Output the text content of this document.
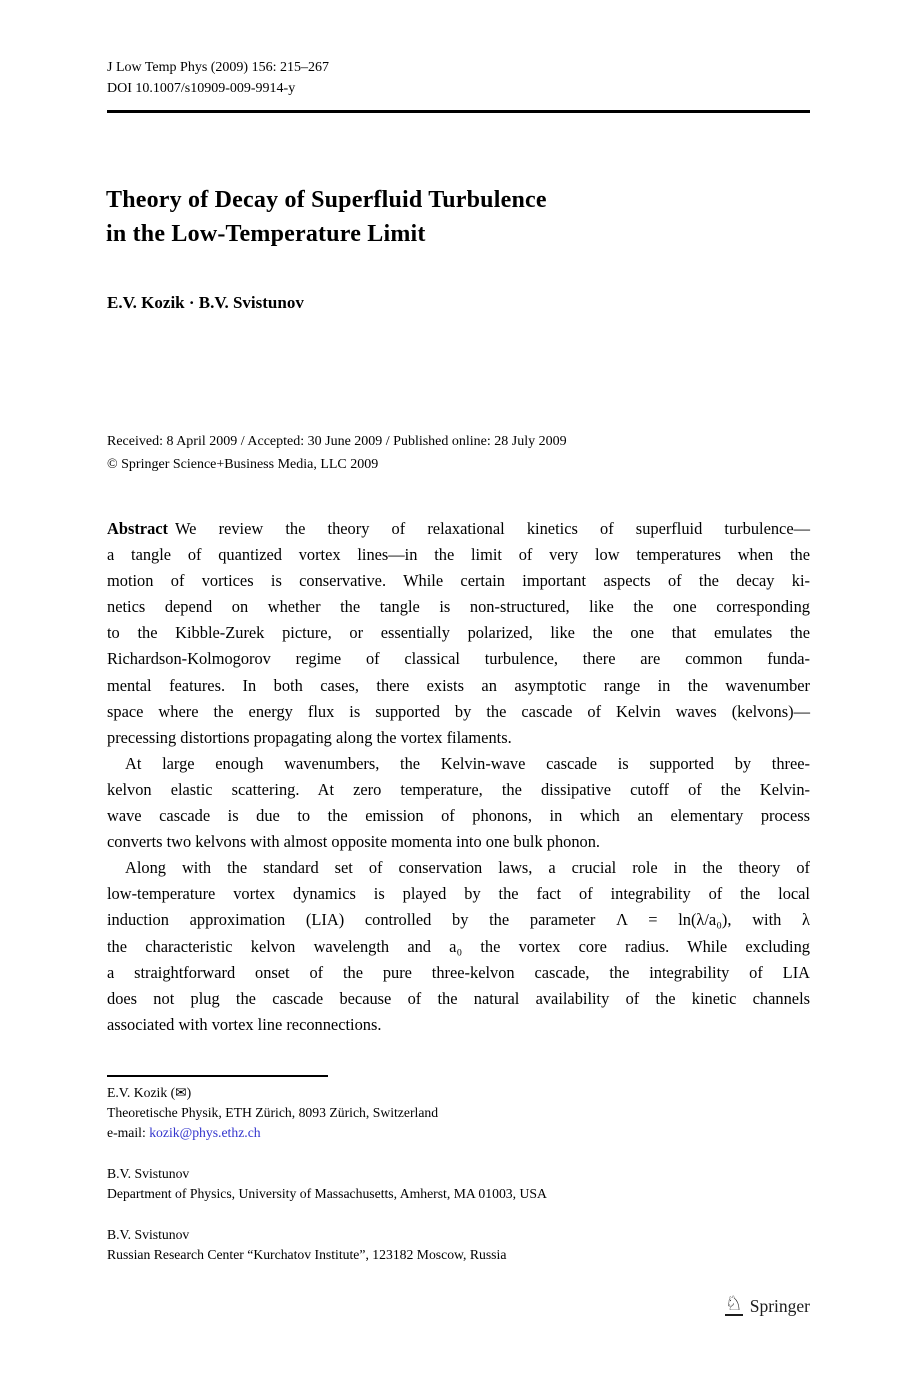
J Low Temp Phys (2009) 156: 215–267
DOI 10.1007/s10909-009-9914-y
Theory of Decay of Superfluid Turbulence
in the Low-Temperature Limit
E.V. Kozik · B.V. Svistunov
Received: 8 April 2009 / Accepted: 30 June 2009 / Published online: 28 July 2009
© Springer Science+Business Media, LLC 2009
Abstract We review the theory of relaxational kinetics of superfluid turbulence—
a tangle of quantized vortex lines—in the limit of very low temperatures when the
motion of vortices is conservative. While certain important aspects of the decay ki-
netics depend on whether the tangle is non-structured, like the one corresponding
to the Kibble-Zurek picture, or essentially polarized, like the one that emulates the
Richardson-Kolmogorov regime of classical turbulence, there are common funda-
mental features. In both cases, there exists an asymptotic range in the wavenumber
space where the energy flux is supported by the cascade of Kelvin waves (kelvons)—
precessing distortions propagating along the vortex filaments.
At large enough wavenumbers, the Kelvin-wave cascade is supported by three-
kelvon elastic scattering. At zero temperature, the dissipative cutoff of the Kelvin-
wave cascade is due to the emission of phonons, in which an elementary process
converts two kelvons with almost opposite momenta into one bulk phonon.
Along with the standard set of conservation laws, a crucial role in the theory of
low-temperature vortex dynamics is played by the fact of integrability of the local
induction approximation (LIA) controlled by the parameter Λ = ln(λ/a₀), with λ
the characteristic kelvon wavelength and a₀ the vortex core radius. While excluding
a straightforward onset of the pure three-kelvon cascade, the integrability of LIA
does not plug the cascade because of the natural availability of the kinetic channels
associated with vortex line reconnections.
E.V. Kozik (✉)
Theoretische Physik, ETH Zürich, 8093 Zürich, Switzerland
e-mail: kozik@phys.ethz.ch
B.V. Svistunov
Department of Physics, University of Massachusetts, Amherst, MA 01003, USA
B.V. Svistunov
Russian Research Center “Kurchatov Institute”, 123182 Moscow, Russia
♘ Springer
